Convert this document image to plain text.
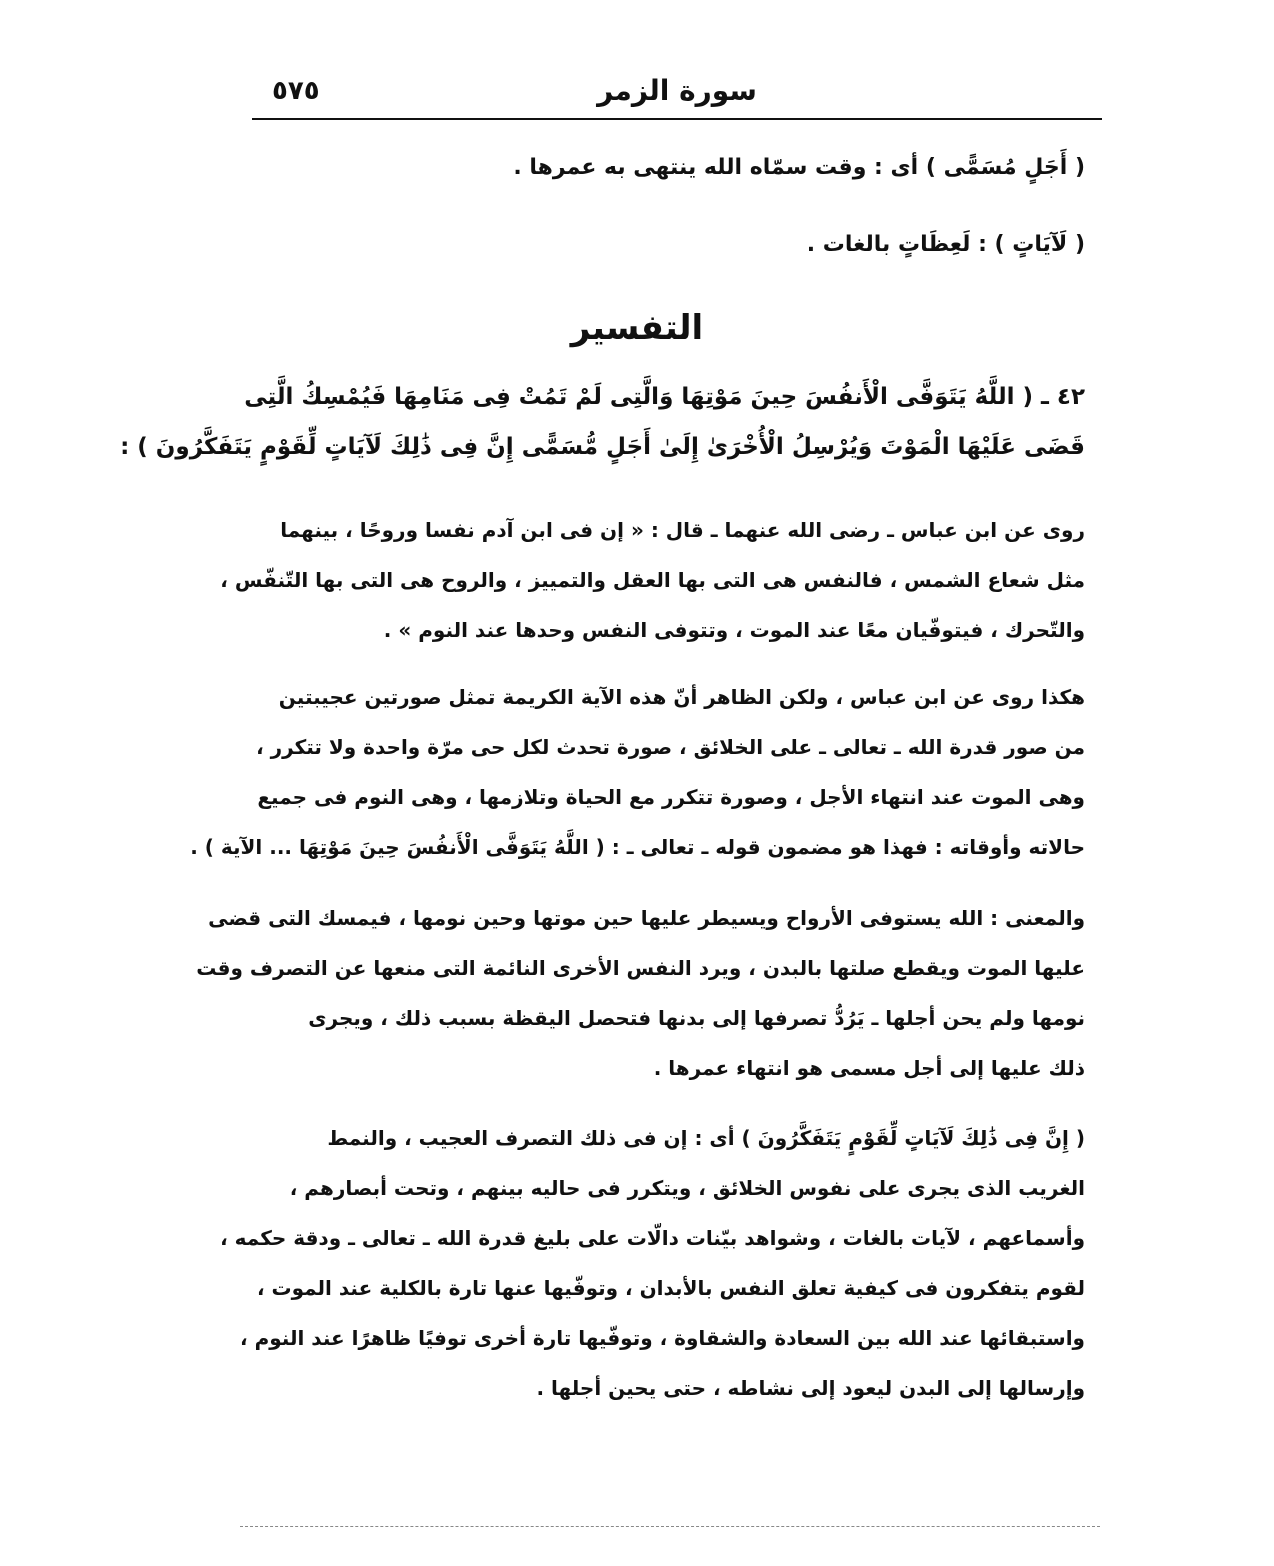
٥٧٥	سورة الزمر
( أَجَلٍ مُسَمًّى ) أى : وقت سمّاه الله ينتهى به عمرها .
( لَآيَاتٍ ) : لَعِظَاتٍ بالغات .
التفسير
٤٢ ـ ( اللَّهُ يَتَوَفَّى الْأَنفُسَ حِينَ مَوْتِهَا وَالَّتِى لَمْ تَمُتْ فِى مَنَامِهَا فَيُمْسِكُ الَّتِى
قَضَى عَلَيْهَا الْمَوْتَ وَيُرْسِلُ الْأُخْرَىٰ إِلَىٰ أَجَلٍ مُّسَمًّى إِنَّ فِى ذَٰلِكَ لَآيَاتٍ لِّقَوْمٍ يَتَفَكَّرُونَ ) :
روى عن ابن عباس ـ رضى الله عنهما ـ قال : « إن فى ابن آدم نفسا وروحًا ، بينهما
مثل شعاع الشمس ، فالنفس هى التى بها العقل والتمييز ، والروح هى التى بها التّنفّس ،
والتّحرك ، فيتوفّيان معًا عند الموت ، وتتوفى النفس وحدها عند النوم » .
هكذا روى عن ابن عباس ، ولكن الظاهر أنّ هذه الآية الكريمة تمثل صورتين عجيبتين
من صور قدرة الله ـ تعالى ـ على الخلائق ، صورة تحدث لكل حى مرّة واحدة ولا تتكرر ،
وهى الموت عند انتهاء الأجل ، وصورة تتكرر مع الحياة وتلازمها ، وهى النوم فى جميع
حالاته وأوقاته : فهذا هو مضمون قوله ـ تعالى ـ : ( اللَّهُ يَتَوَفَّى الْأَنفُسَ حِينَ مَوْتِهَا ... الآية ) .
والمعنى : الله يستوفى الأرواح ويسيطر عليها حين موتها وحين نومها ، فيمسك التى قضى
عليها الموت ويقطع صلتها بالبدن ، ويرد النفس الأخرى النائمة التى منعها عن التصرف وقت
نومها ولم يحن أجلها ـ يَرُدُّ تصرفها إلى بدنها فتحصل اليقظة بسبب ذلك ، ويجرى
ذلك عليها إلى أجل مسمى هو انتهاء عمرها .
( إِنَّ فِى ذَٰلِكَ لَآيَاتٍ لِّقَوْمٍ يَتَفَكَّرُونَ ) أى : إن فى ذلك التصرف العجيب ، والنمط
الغريب الذى يجرى على نفوس الخلائق ، ويتكرر فى حاليه بينهم ، وتحت أبصارهم ،
وأسماعهم ، لآيات بالغات ، وشواهد بيّنات دالّات على بليغ قدرة الله ـ تعالى ـ ودقة حكمه ،
لقوم يتفكرون فى كيفية تعلق النفس بالأبدان ، وتوفّيها عنها تارة بالكلية عند الموت ،
واستبقائها عند الله بين السعادة والشقاوة ، وتوفّيها تارة أخرى توفيًا ظاهرًا عند النوم ،
وإرسالها إلى البدن ليعود إلى نشاطه ، حتى يحين أجلها .
